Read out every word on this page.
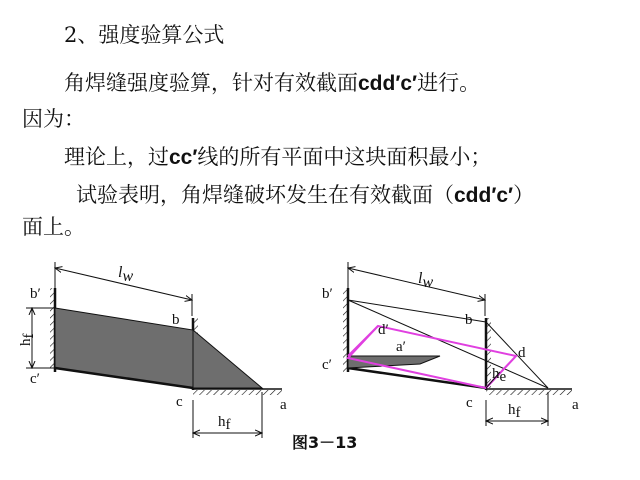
2、强度验算公式
角焊缝强度验算，针对有效截面cdd′c′进行。
因为：
理论上，过cc′线的所有平面中这块面积最小；
试验表明，角焊缝破坏发生在有效截面（cdd′c′）
面上。
lw
hf
hf
b′
b
c′
c	a
lw
hf
b′
b
d′
d
a′
c′
he
c	a
图3－13
